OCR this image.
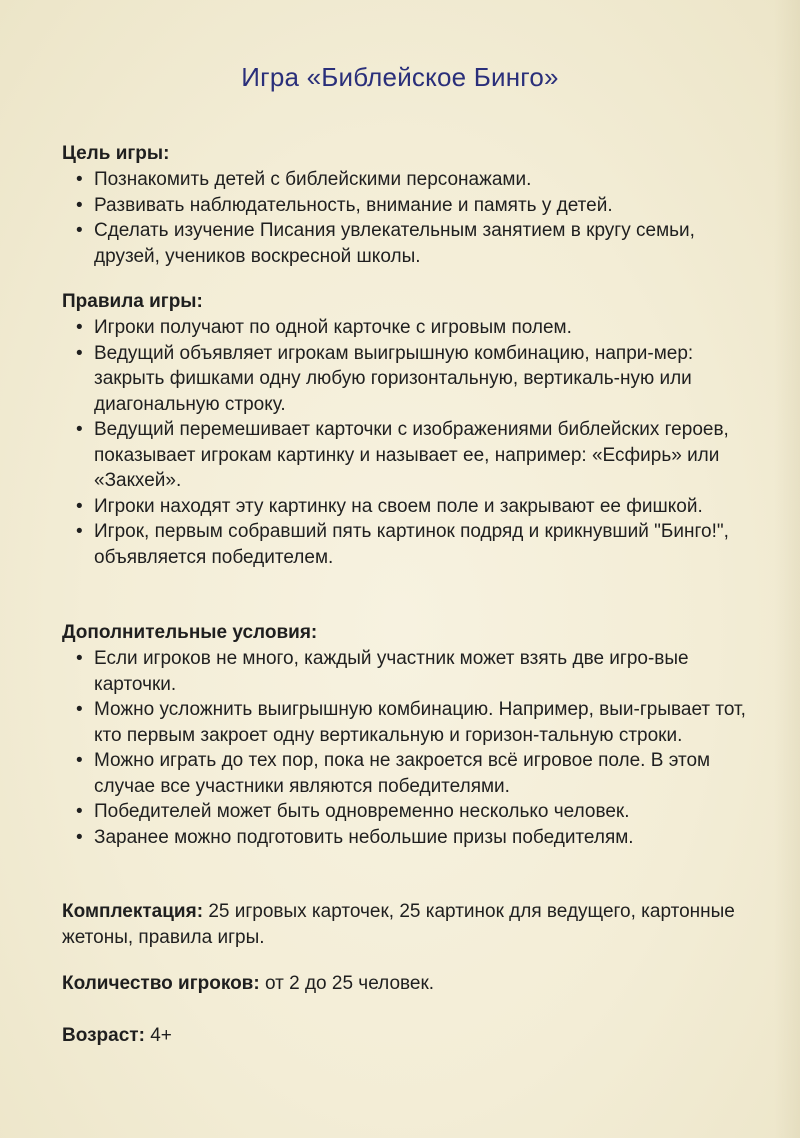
Игра «Библейское Бинго»
Цель игры:
• Познакомить детей с библейскими персонажами.
• Развивать наблюдательность, внимание и память у детей.
• Сделать изучение Писания увлекательным занятием в кругу семьи, друзей, учеников воскресной школы.
Правила игры:
• Игроки получают по одной карточке с игровым полем.
• Ведущий объявляет игрокам выигрышную комбинацию, напри-мер: закрыть фишками одну любую горизонтальную, вертикаль-ную или диагональную строку.
• Ведущий перемешивает карточки с изображениями библейских героев, показывает игрокам картинку и называет ее, например: «Есфирь» или «Закхей».
• Игроки находят эту картинку на своем поле и закрывают ее фишкой.
• Игрок, первым собравший пять картинок подряд и крикнувший "Бинго!", объявляется победителем.
Дополнительные условия:
• Если игроков не много, каждый участник может взять две игро-вые карточки.
• Можно усложнить выигрышную комбинацию. Например, выи-грывает тот, кто первым закроет одну вертикальную и горизон-тальную строки.
• Можно играть до тех пор, пока не закроется всё игровое поле. В этом случае все участники являются победителями.
• Победителей может быть одновременно несколько человек.
• Заранее можно подготовить небольшие призы победителям.
Комплектация: 25 игровых карточек, 25 картинок для ведущего, картонные жетоны, правила игры.
Количество игроков: от 2 до 25 человек.
Возраст: 4+
